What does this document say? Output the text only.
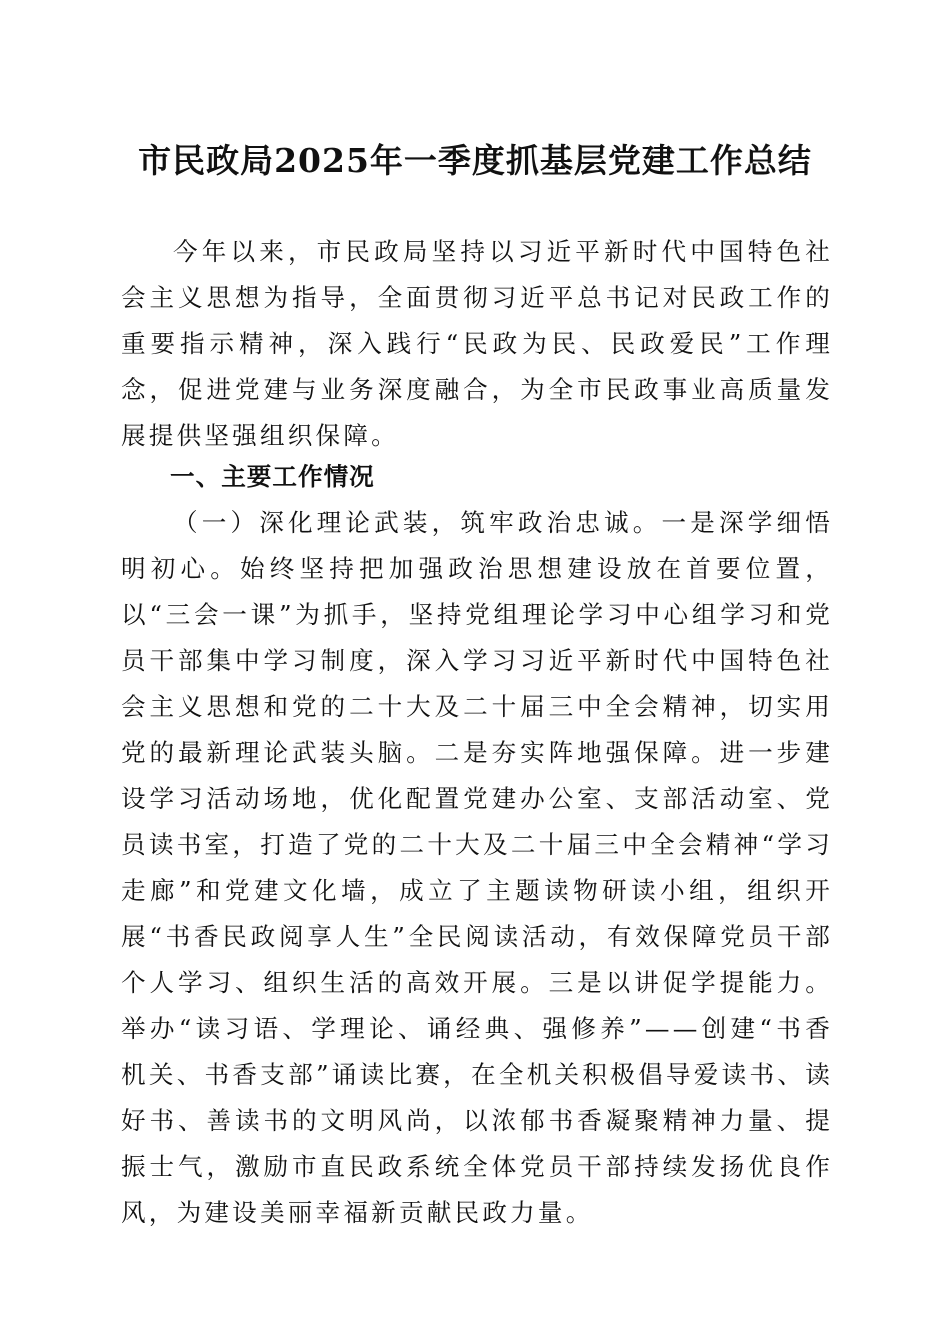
市民政局2025年一季度抓基层党建工作总结

今年以来，市民政局坚持以习近平新时代中国特色社会主义思想为指导，全面贯彻习近平总书记对民政工作的重要指示精神，深入践行“民政为民、民政爱民”工作理念，促进党建与业务深度融合，为全市民政事业高质量发展提供坚强组织保障。

一、主要工作情况

（一）深化理论武装，筑牢政治忠诚。一是深学细悟明初心。始终坚持把加强政治思想建设放在首要位置，以“三会一课”为抓手，坚持党组理论学习中心组学习和党员干部集中学习制度，深入学习习近平新时代中国特色社会主义思想和党的二十大及二十届三中全会精神，切实用党的最新理论武装头脑。二是夯实阵地强保障。进一步建设学习活动场地，优化配置党建办公室、支部活动室、党员读书室，打造了党的二十大及二十届三中全会精神“学习走廊”和党建文化墙，成立了主题读物研读小组，组织开展“书香民政阅享人生”全民阅读活动，有效保障党员干部个人学习、组织生活的高效开展。三是以讲促学提能力。举办“读习语、学理论、诵经典、强修养”——创建“书香机关、书香支部”诵读比赛，在全机关积极倡导爱读书、读好书、善读书的文明风尚，以浓郁书香凝聚精神力量、提振士气，激励市直民政系统全体党员干部持续发扬优良作风，为建设美丽幸福新贡献民政力量。
